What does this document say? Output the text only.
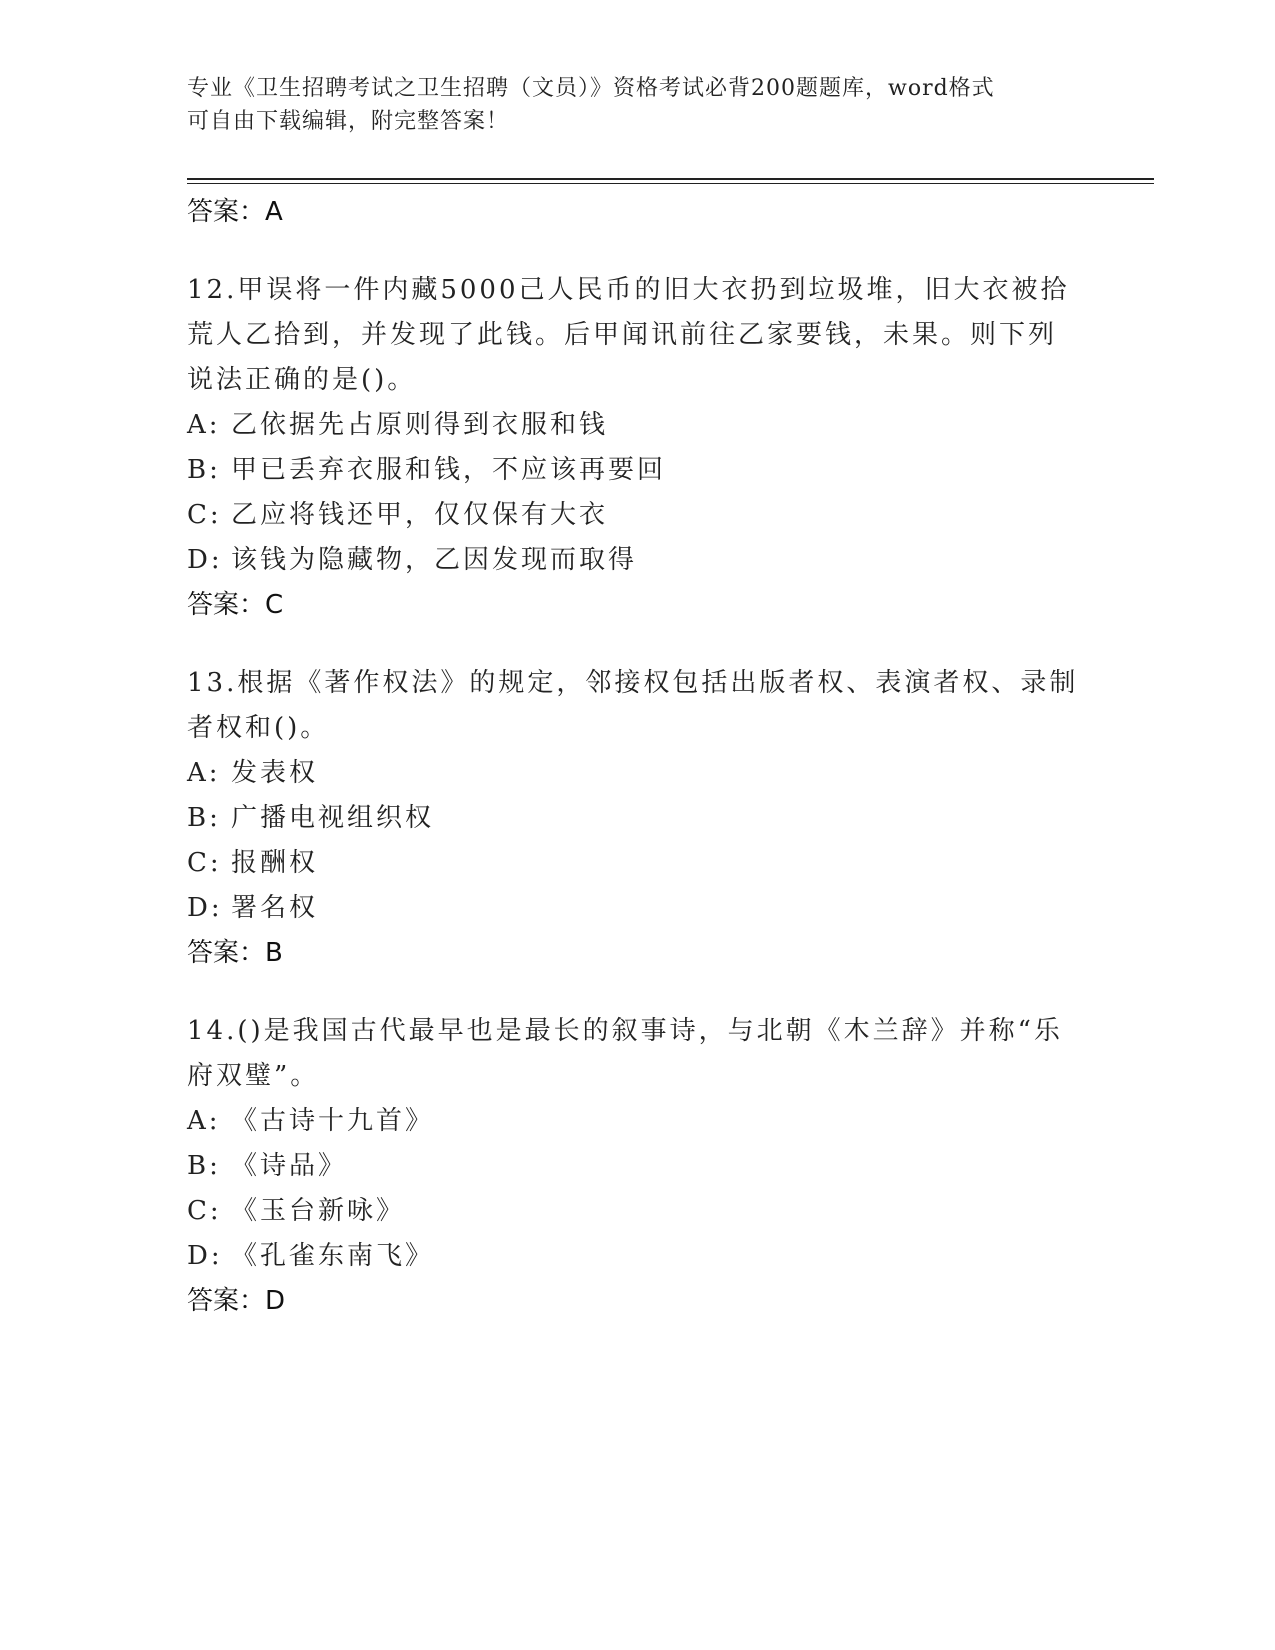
专业《卫生招聘考试之卫生招聘（文员）》资格考试必背200题题库，word格式
可自由下载编辑，附完整答案！
答案：A
12.甲误将一件内藏5000己人民币的旧大衣扔到垃圾堆，旧大衣被拾
荒人乙拾到，并发现了此钱。后甲闻讯前往乙家要钱，未果。则下列
说法正确的是()。
A: 乙依据先占原则得到衣服和钱
B: 甲已丢弃衣服和钱，不应该再要回
C: 乙应将钱还甲，仅仅保有大衣
D: 该钱为隐藏物，乙因发现而取得
答案：C
13.根据《著作权法》的规定，邻接权包括出版者权、表演者权、录制
者权和()。
A: 发表权
B: 广播电视组织权
C: 报酬权
D: 署名权
答案：B
14.()是我国古代最早也是最长的叙事诗，与北朝《木兰辞》并称“乐
府双璧”。
A: 《古诗十九首》
B: 《诗品》
C: 《玉台新咏》
D: 《孔雀东南飞》
答案：D
